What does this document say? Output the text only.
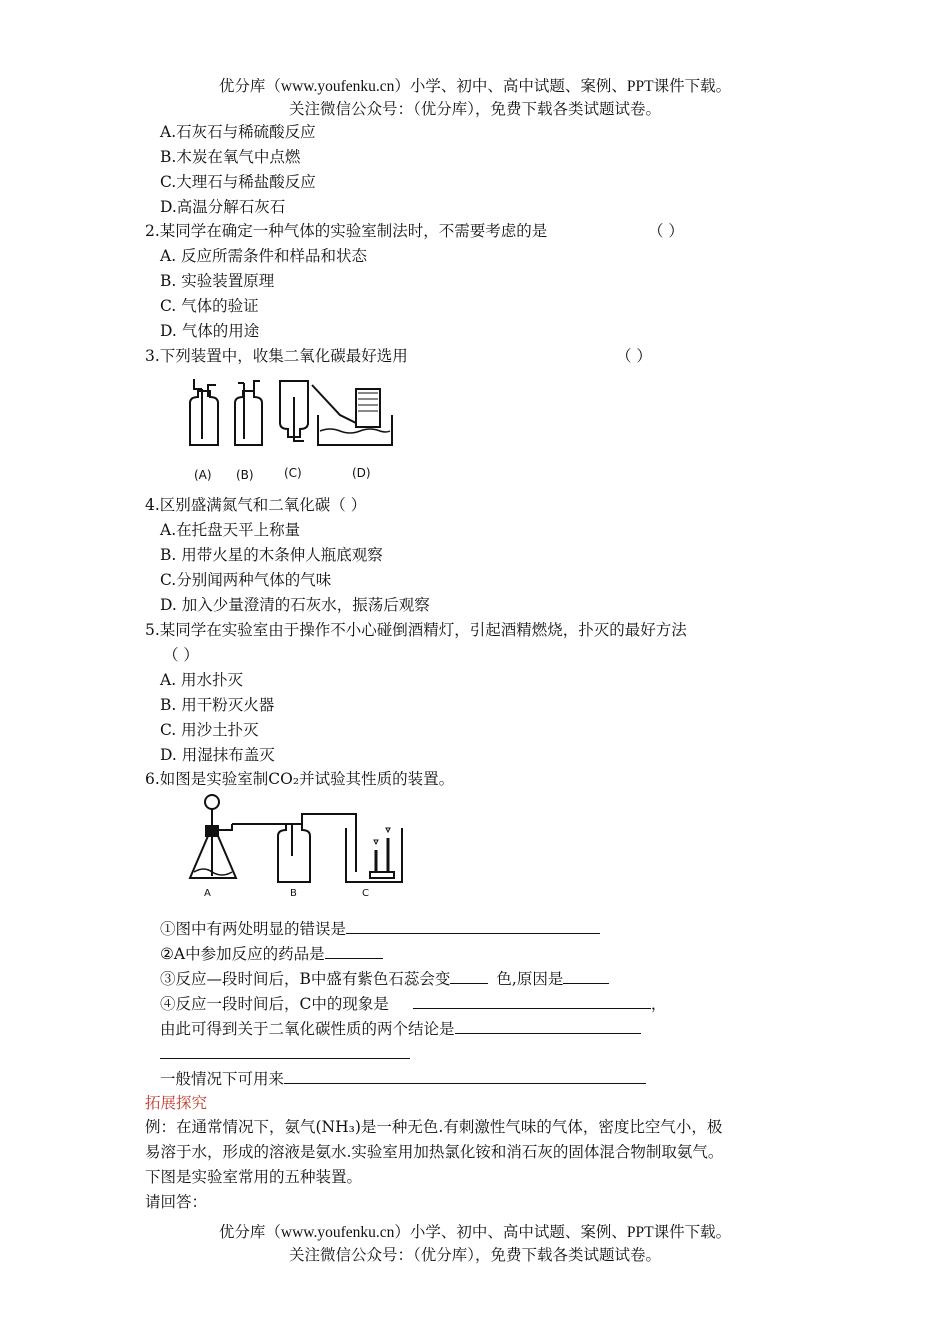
优分库（www.youfenku.cn）小学、初中、高中试题、案例、PPT课件下载。
关注微信公众号：（优分库），免费下载各类试题试卷。
A.石灰石与稀硫酸反应
B.木炭在氧气中点燃
C.大理石与稀盐酸反应
D.高温分解石灰石
2.某同学在确定一种气体的实验室制法时，不需要考虑的是	（ ）
A. 反应所需条件和样品和状态
B. 实验装置原理
C. 气体的验证
D. 气体的用途
3.下列装置中，收集二氧化碳最好选用	（ ）
(A) (B)	(C)	(D)
4.区别盛满氮气和二氧化碳（ ）
A.在托盘天平上称量
B. 用带火星的木条伸人瓶底观察
C.分别闻两种气体的气味
D. 加入少量澄清的石灰水，振荡后观察
5.某同学在实验室由于操作不小心碰倒酒精灯，引起酒精燃烧，扑灭的最好方法
（ ）
A. 用水扑灭
B. 用干粉灭火器
C. 用沙土扑灭
D. 用湿抹布盖灭
6.如图是实验室制CO₂并试验其性质的装置。
A	B	C
①图中有两处明显的错误是
②A中参加反应的药品是
③反应—段时间后，B中盛有紫色石蕊会变	色,原因是
④反应一段时间后，C中的现象是	，
由此可得到关于二氧化碳性质的两个结论是
一般情况下可用来
拓展探究
例：在通常情况下，氨气(NH₃)是一种无色.有刺激性气味的气体，密度比空气小，极
易溶于水，形成的溶液是氨水.实验室用加热氯化铵和消石灰的固体混合物制取氨气。
下图是实验室常用的五种装置。
请回答：
优分库（www.youfenku.cn）小学、初中、高中试题、案例、PPT课件下载。
关注微信公众号：（优分库），免费下载各类试题试卷。
